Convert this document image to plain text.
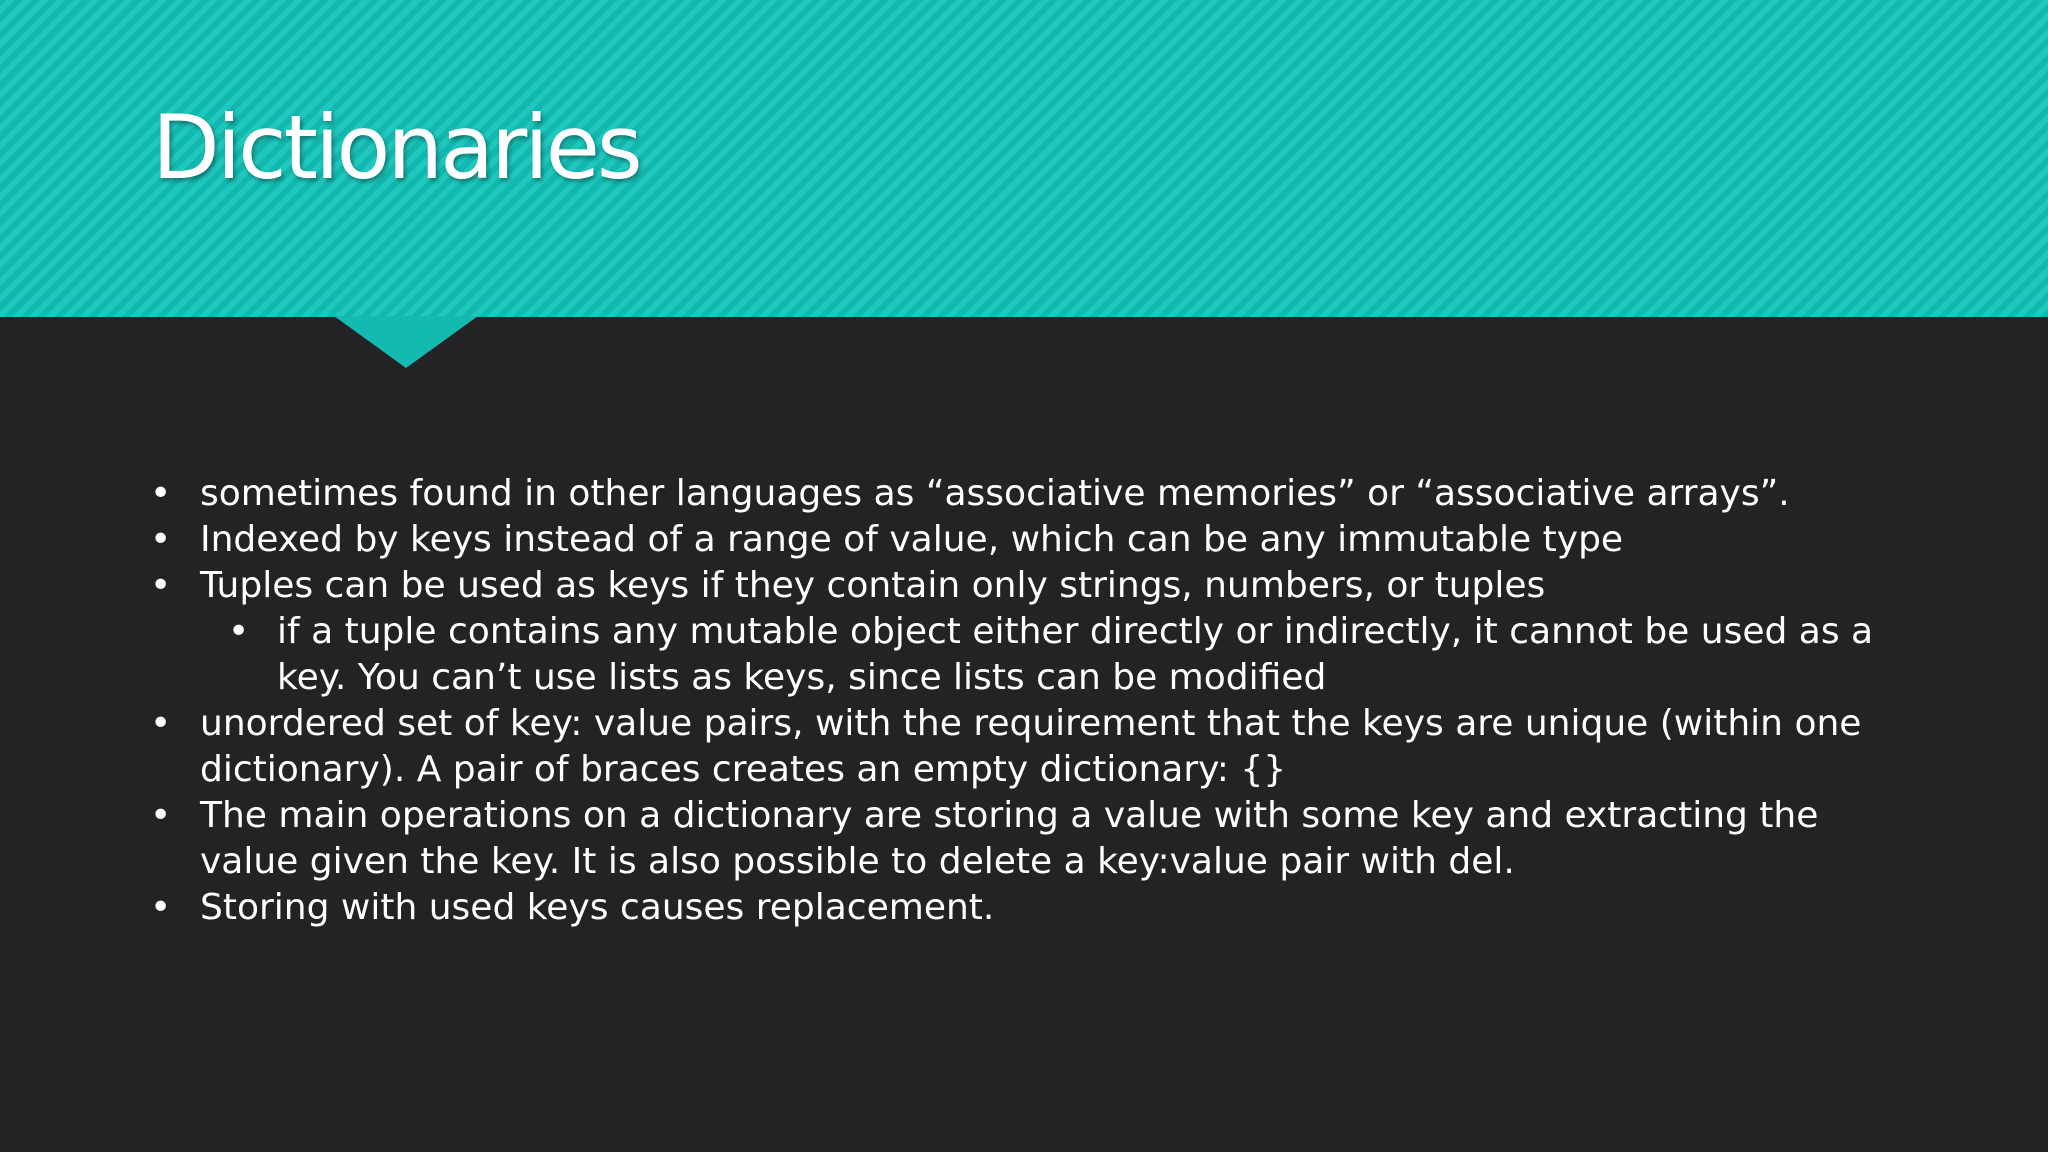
Dictionaries
• sometimes found in other languages as “associative memories” or “associative arrays”.
• Indexed by keys instead of a range of value, which can be any immutable type
• Tuples can be used as keys if they contain only strings, numbers, or tuples
• if a tuple contains any mutable object either directly or indirectly, it cannot be used as a key. You can’t use lists as keys, since lists can be modified
• unordered set of key: value pairs, with the requirement that the keys are unique (within one dictionary). A pair of braces creates an empty dictionary: {}
• The main operations on a dictionary are storing a value with some key and extracting the value given the key. It is also possible to delete a key:value pair with del.
• Storing with used keys causes replacement.
